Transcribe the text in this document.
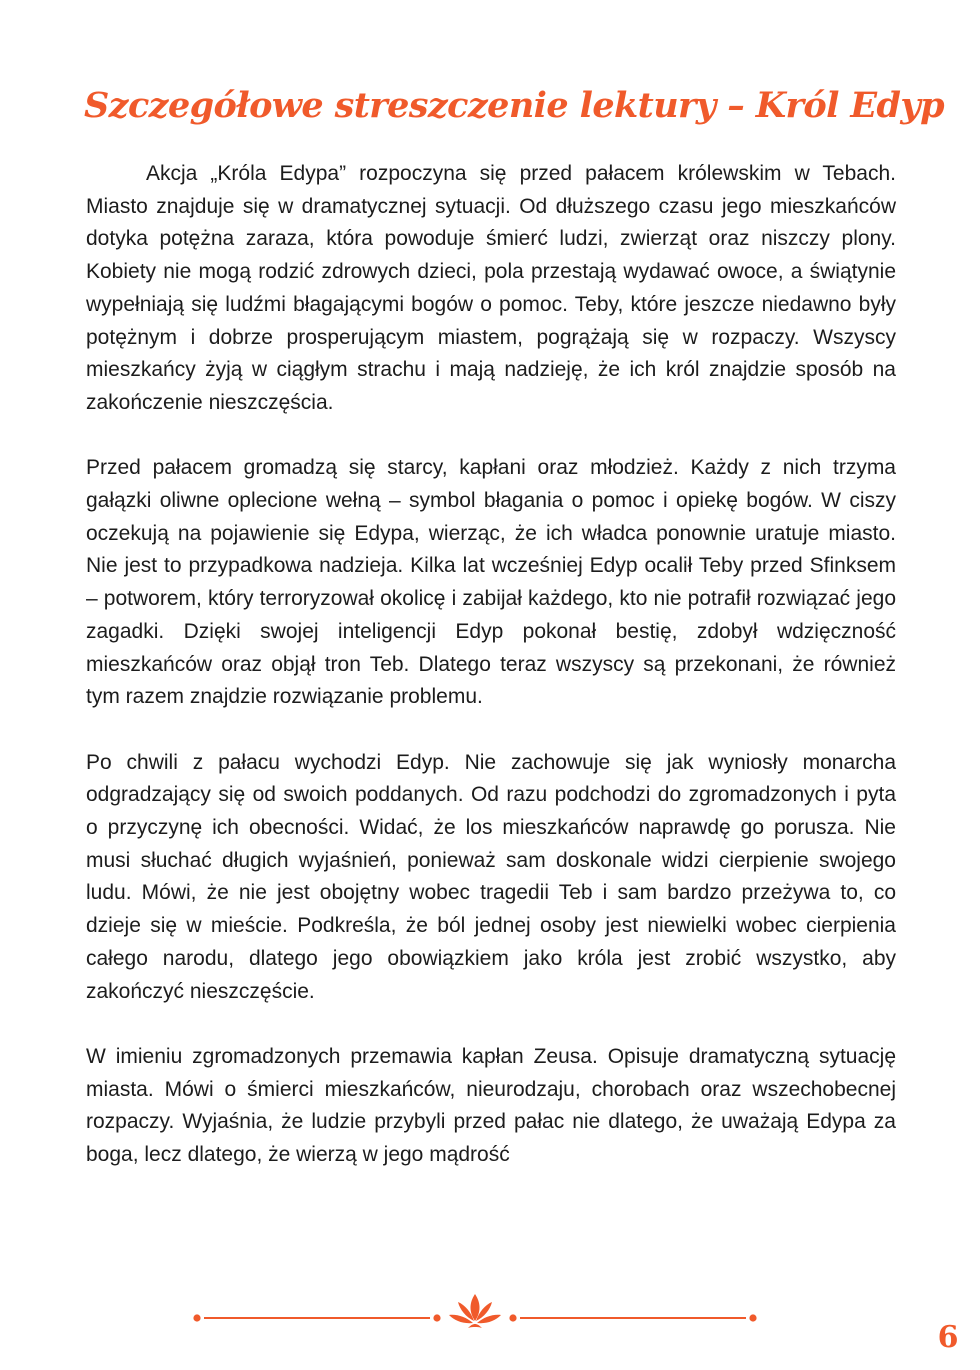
Szczegółowe streszczenie lektury – Król Edyp

Akcja „Króla Edypa” rozpoczyna się przed pałacem królewskim w Tebach. Miasto znajduje się w dramatycznej sytuacji. Od dłuższego czasu jego mieszkańców dotyka potężna zaraza, która powoduje śmierć ludzi, zwierząt oraz niszczy plony. Kobiety nie mogą rodzić zdrowych dzieci, pola przestają wydawać owoce, a świątynie wypełniają się ludźmi błagającymi bogów o pomoc. Teby, które jeszcze niedawno były potężnym i dobrze prosperującym miastem, pogrążają się w rozpaczy. Wszyscy mieszkańcy żyją w ciągłym strachu i mają nadzieję, że ich król znajdzie sposób na zakończenie nieszczęścia.

Przed pałacem gromadzą się starcy, kapłani oraz młodzież. Każdy z nich trzyma gałązki oliwne oplecione wełną – symbol błagania o pomoc i opiekę bogów. W ciszy oczekują na pojawienie się Edypa, wierząc, że ich władca ponownie uratuje miasto. Nie jest to przypadkowa nadzieja. Kilka lat wcześniej Edyp ocalił Teby przed Sfinksem – potworem, który terroryzował okolicę i zabijał każdego, kto nie potrafił rozwiązać jego zagadki. Dzięki swojej inteligencji Edyp pokonał bestię, zdobył wdzięczność mieszkańców oraz objął tron Teb. Dlatego teraz wszyscy są przekonani, że również tym razem znajdzie rozwiązanie problemu.

Po chwili z pałacu wychodzi Edyp. Nie zachowuje się jak wyniosły monarcha odgradzający się od swoich poddanych. Od razu podchodzi do zgromadzonych i pyta o przyczynę ich obecności. Widać, że los mieszkańców naprawdę go porusza. Nie musi słuchać długich wyjaśnień, ponieważ sam doskonale widzi cierpienie swojego ludu. Mówi, że nie jest obojętny wobec tragedii Teb i sam bardzo przeżywa to, co dzieje się w mieście. Podkreśla, że ból jednej osoby jest niewielki wobec cierpienia całego narodu, dlatego jego obowiązkiem jako króla jest zrobić wszystko, aby zakończyć nieszczęście.

W imieniu zgromadzonych przemawia kapłan Zeusa. Opisuje dramatyczną sytuację miasta. Mówi o śmierci mieszkańców, nieurodzaju, chorobach oraz wszechobecnej rozpaczy. Wyjaśnia, że ludzie przybyli przed pałac nie dlatego, że uważają Edypa za boga, lecz dlatego, że wierzą w jego mądrość

6
